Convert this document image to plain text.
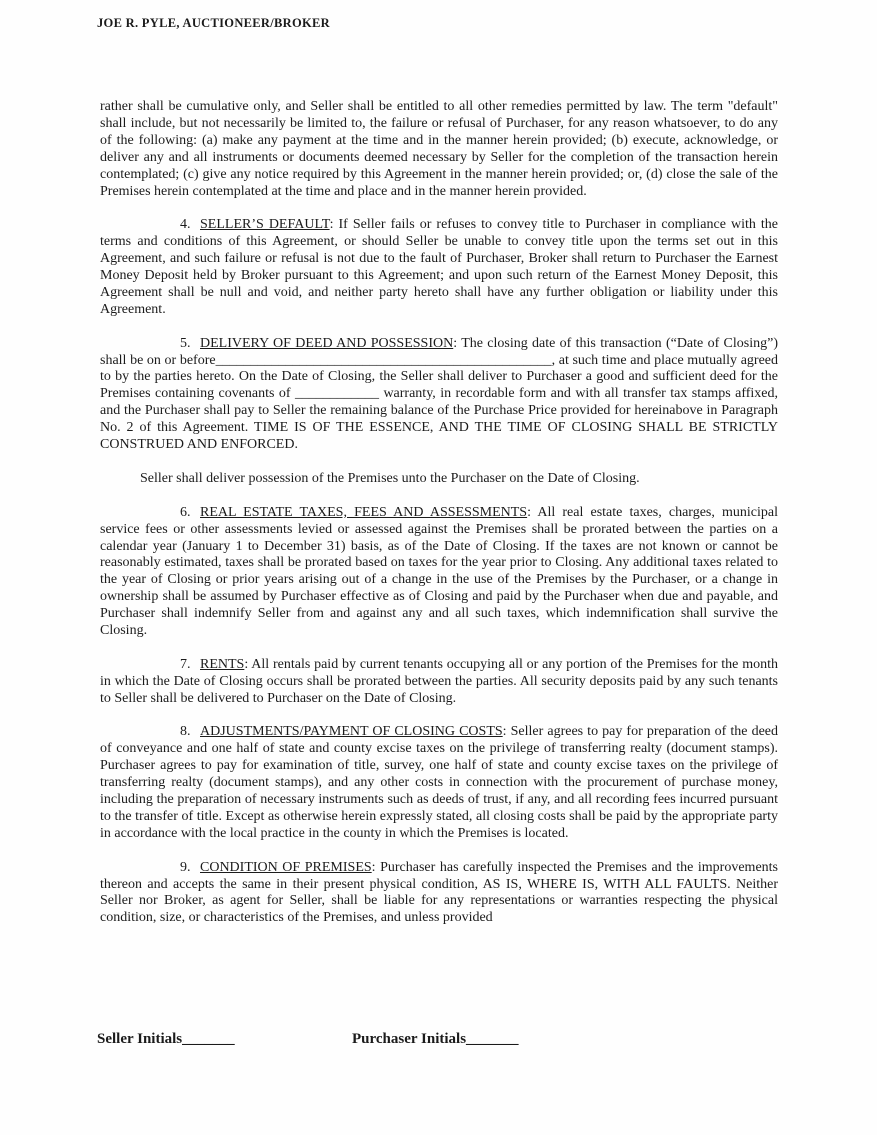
JOE R. PYLE, AUCTIONEER/BROKER

rather shall be cumulative only, and Seller shall be entitled to all other remedies permitted by law. The term "default" shall include, but not necessarily be limited to, the failure or refusal of Purchaser, for any reason whatsoever, to do any of the following: (a) make any payment at the time and in the manner herein provided; (b) execute, acknowledge, or deliver any and all instruments or documents deemed necessary by Seller for the completion of the transaction herein contemplated; (c) give any notice required by this Agreement in the manner herein provided; or, (d) close the sale of the Premises herein contemplated at the time and place and in the manner herein provided.

4. SELLER’S DEFAULT: If Seller fails or refuses to convey title to Purchaser in compliance with the terms and conditions of this Agreement, or should Seller be unable to convey title upon the terms set out in this Agreement, and such failure or refusal is not due to the fault of Purchaser, Broker shall return to Purchaser the Earnest Money Deposit held by Broker pursuant to this Agreement; and upon such return of the Earnest Money Deposit, this Agreement shall be null and void, and neither party hereto shall have any further obligation or liability under this Agreement.

5. DELIVERY OF DEED AND POSSESSION: The closing date of this transaction (“Date of Closing”) shall be on or before________________________________________________, at such time and place mutually agreed to by the parties hereto. On the Date of Closing, the Seller shall deliver to Purchaser a good and sufficient deed for the Premises containing covenants of ____________ warranty, in recordable form and with all transfer tax stamps affixed, and the Purchaser shall pay to Seller the remaining balance of the Purchase Price provided for hereinabove in Paragraph No. 2 of this Agreement. TIME IS OF THE ESSENCE, AND THE TIME OF CLOSING SHALL BE STRICTLY CONSTRUED AND ENFORCED.

Seller shall deliver possession of the Premises unto the Purchaser on the Date of Closing.

6. REAL ESTATE TAXES, FEES AND ASSESSMENTS: All real estate taxes, charges, municipal service fees or other assessments levied or assessed against the Premises shall be prorated between the parties on a calendar year (January 1 to December 31) basis, as of the Date of Closing. If the taxes are not known or cannot be reasonably estimated, taxes shall be prorated based on taxes for the year prior to Closing. Any additional taxes related to the year of Closing or prior years arising out of a change in the use of the Premises by the Purchaser, or a change in ownership shall be assumed by Purchaser effective as of Closing and paid by the Purchaser when due and payable, and Purchaser shall indemnify Seller from and against any and all such taxes, which indemnification shall survive the Closing.

7. RENTS: All rentals paid by current tenants occupying all or any portion of the Premises for the month in which the Date of Closing occurs shall be prorated between the parties. All security deposits paid by any such tenants to Seller shall be delivered to Purchaser on the Date of Closing.

8. ADJUSTMENTS/PAYMENT OF CLOSING COSTS: Seller agrees to pay for preparation of the deed of conveyance and one half of state and county excise taxes on the privilege of transferring realty (document stamps). Purchaser agrees to pay for examination of title, survey, one half of state and county excise taxes on the privilege of transferring realty (document stamps), and any other costs in connection with the procurement of purchase money, including the preparation of necessary instruments such as deeds of trust, if any, and all recording fees incurred pursuant to the transfer of title. Except as otherwise herein expressly stated, all closing costs shall be paid by the appropriate party in accordance with the local practice in the county in which the Premises is located.

9. CONDITION OF PREMISES: Purchaser has carefully inspected the Premises and the improvements thereon and accepts the same in their present physical condition, AS IS, WHERE IS, WITH ALL FAULTS. Neither Seller nor Broker, as agent for Seller, shall be liable for any representations or warranties respecting the physical condition, size, or characteristics of the Premises, and unless provided

Seller Initials_______	Purchaser Initials_______
